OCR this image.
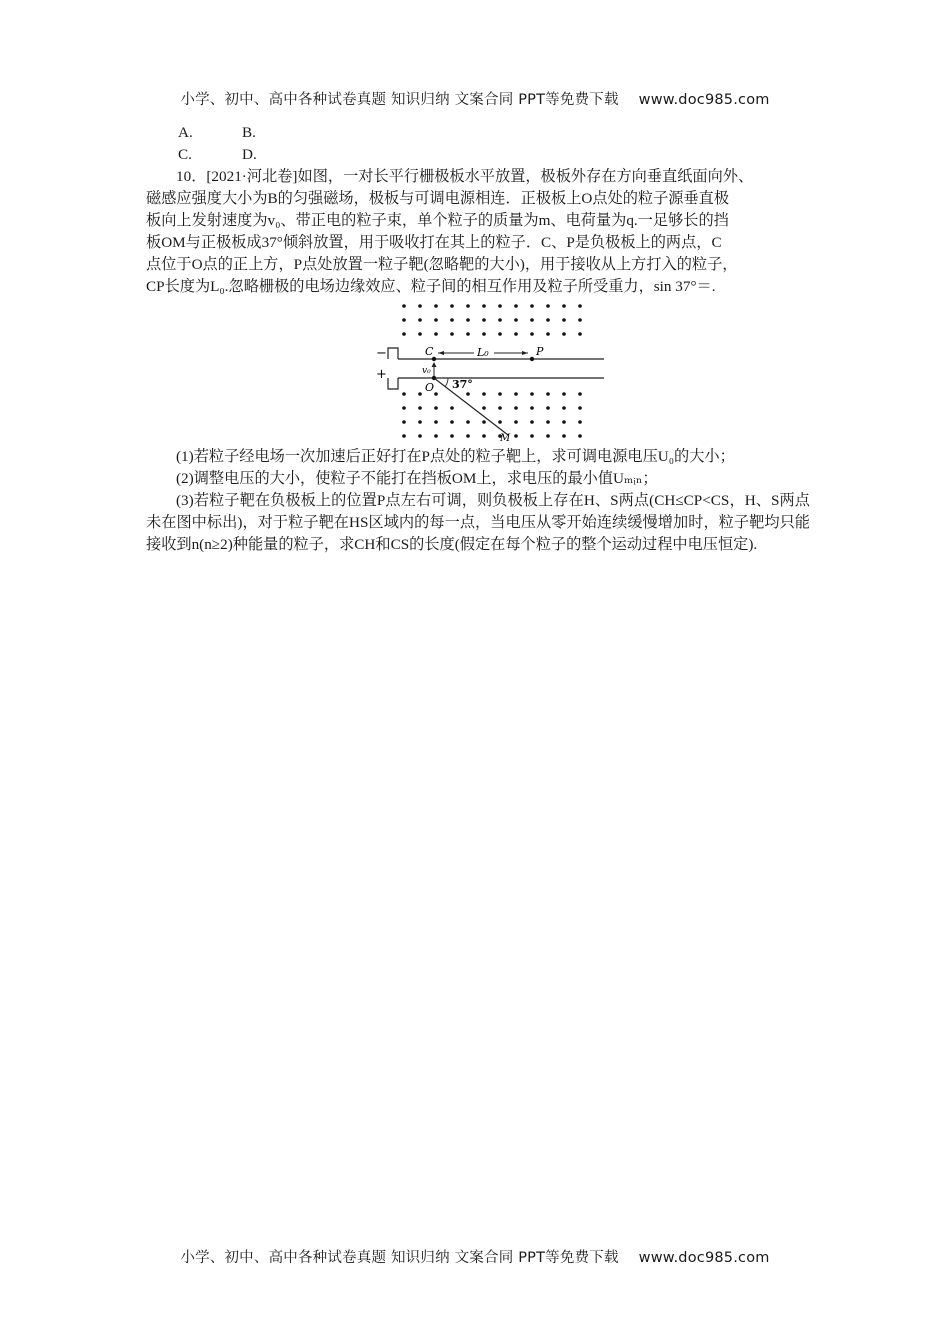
小学、初中、高中各种试卷真题 知识归纳 文案合同 PPT等免费下载 www.doc985.com

A.	B.

C.	D.

10．[2021·河北卷]如图，一对长平行栅极板水平放置，极板外存在方向垂直纸面向外、

磁感应强度大小为B的匀强磁场，极板与可调电源相连．正极板上O点处的粒子源垂直极

板向上发射速度为v₀、带正电的粒子束，单个粒子的质量为m、电荷量为q.一足够长的挡

板OM与正极板成37°倾斜放置，用于吸收打在其上的粒子．C、P是负极板上的两点，C

点位于O点的正上方，P点处放置一粒子靶(忽略靶的大小)，用于接收从上方打入的粒子，

CP长度为L₀.忽略栅极的电场边缘效应、粒子间的相互作用及粒子所受重力，sin 37°＝.

−
+
C	P
L₀
v₀
O 37°
M

(1)若粒子经电场一次加速后正好打在P点处的粒子靶上，求可调电源电压U₀的大小；

(2)调整电压的大小，使粒子不能打在挡板OM上，求电压的最小值Uₘᵢₙ；

(3)若粒子靶在负极板上的位置P点左右可调，则负极板上存在H、S两点(CH≤CP<CS，H、S两点未在图中标出)，对于粒子靶在HS区域内的每一点，当电压从零开始连续缓慢增加时，粒子靶均只能接收到n(n≥2)种能量的粒子，求CH和CS的长度(假定在每个粒子的整个运动过程中电压恒定).

小学、初中、高中各种试卷真题 知识归纳 文案合同 PPT等免费下载 www.doc985.com
